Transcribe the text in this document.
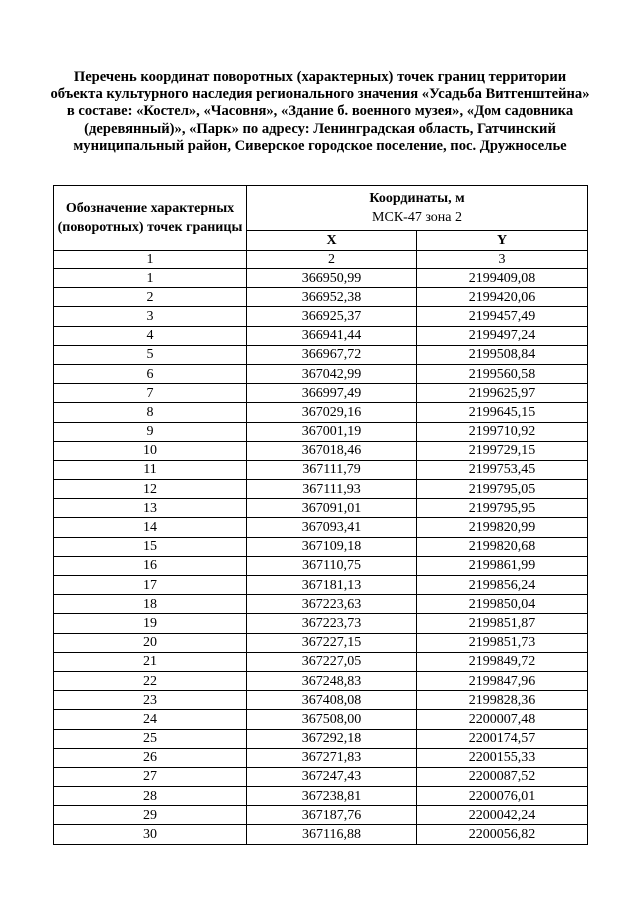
Перечень координат поворотных (характерных) точек границ территории объекта культурного наследия регионального значения «Усадьба Витгенштейна» в составе: «Костел», «Часовня», «Здание б. военного музея», «Дом садовника (деревянный)», «Парк» по адресу: Ленинградская область, Гатчинский муниципальный район, Сиверское городское поселение, пос. Дружноселье
Обозначение характерных (поворотных) точек границы	Координаты, м
МСК-47 зона 2	
	X	Y
1	2	3
1	366950,99	2199409,08
2	366952,38	2199420,06
3	366925,37	2199457,49
4	366941,44	2199497,24
5	366967,72	2199508,84
6	367042,99	2199560,58
7	366997,49	2199625,97
8	367029,16	2199645,15
9	367001,19	2199710,92
10	367018,46	2199729,15
11	367111,79	2199753,45
12	367111,93	2199795,05
13	367091,01	2199795,95
14	367093,41	2199820,99
15	367109,18	2199820,68
16	367110,75	2199861,99
17	367181,13	2199856,24
18	367223,63	2199850,04
19	367223,73	2199851,87
20	367227,15	2199851,73
21	367227,05	2199849,72
22	367248,83	2199847,96
23	367408,08	2199828,36
24	367508,00	2200007,48
25	367292,18	2200174,57
26	367271,83	2200155,33
27	367247,43	2200087,52
28	367238,81	2200076,01
29	367187,76	2200042,24
30	367116,88	2200056,82
